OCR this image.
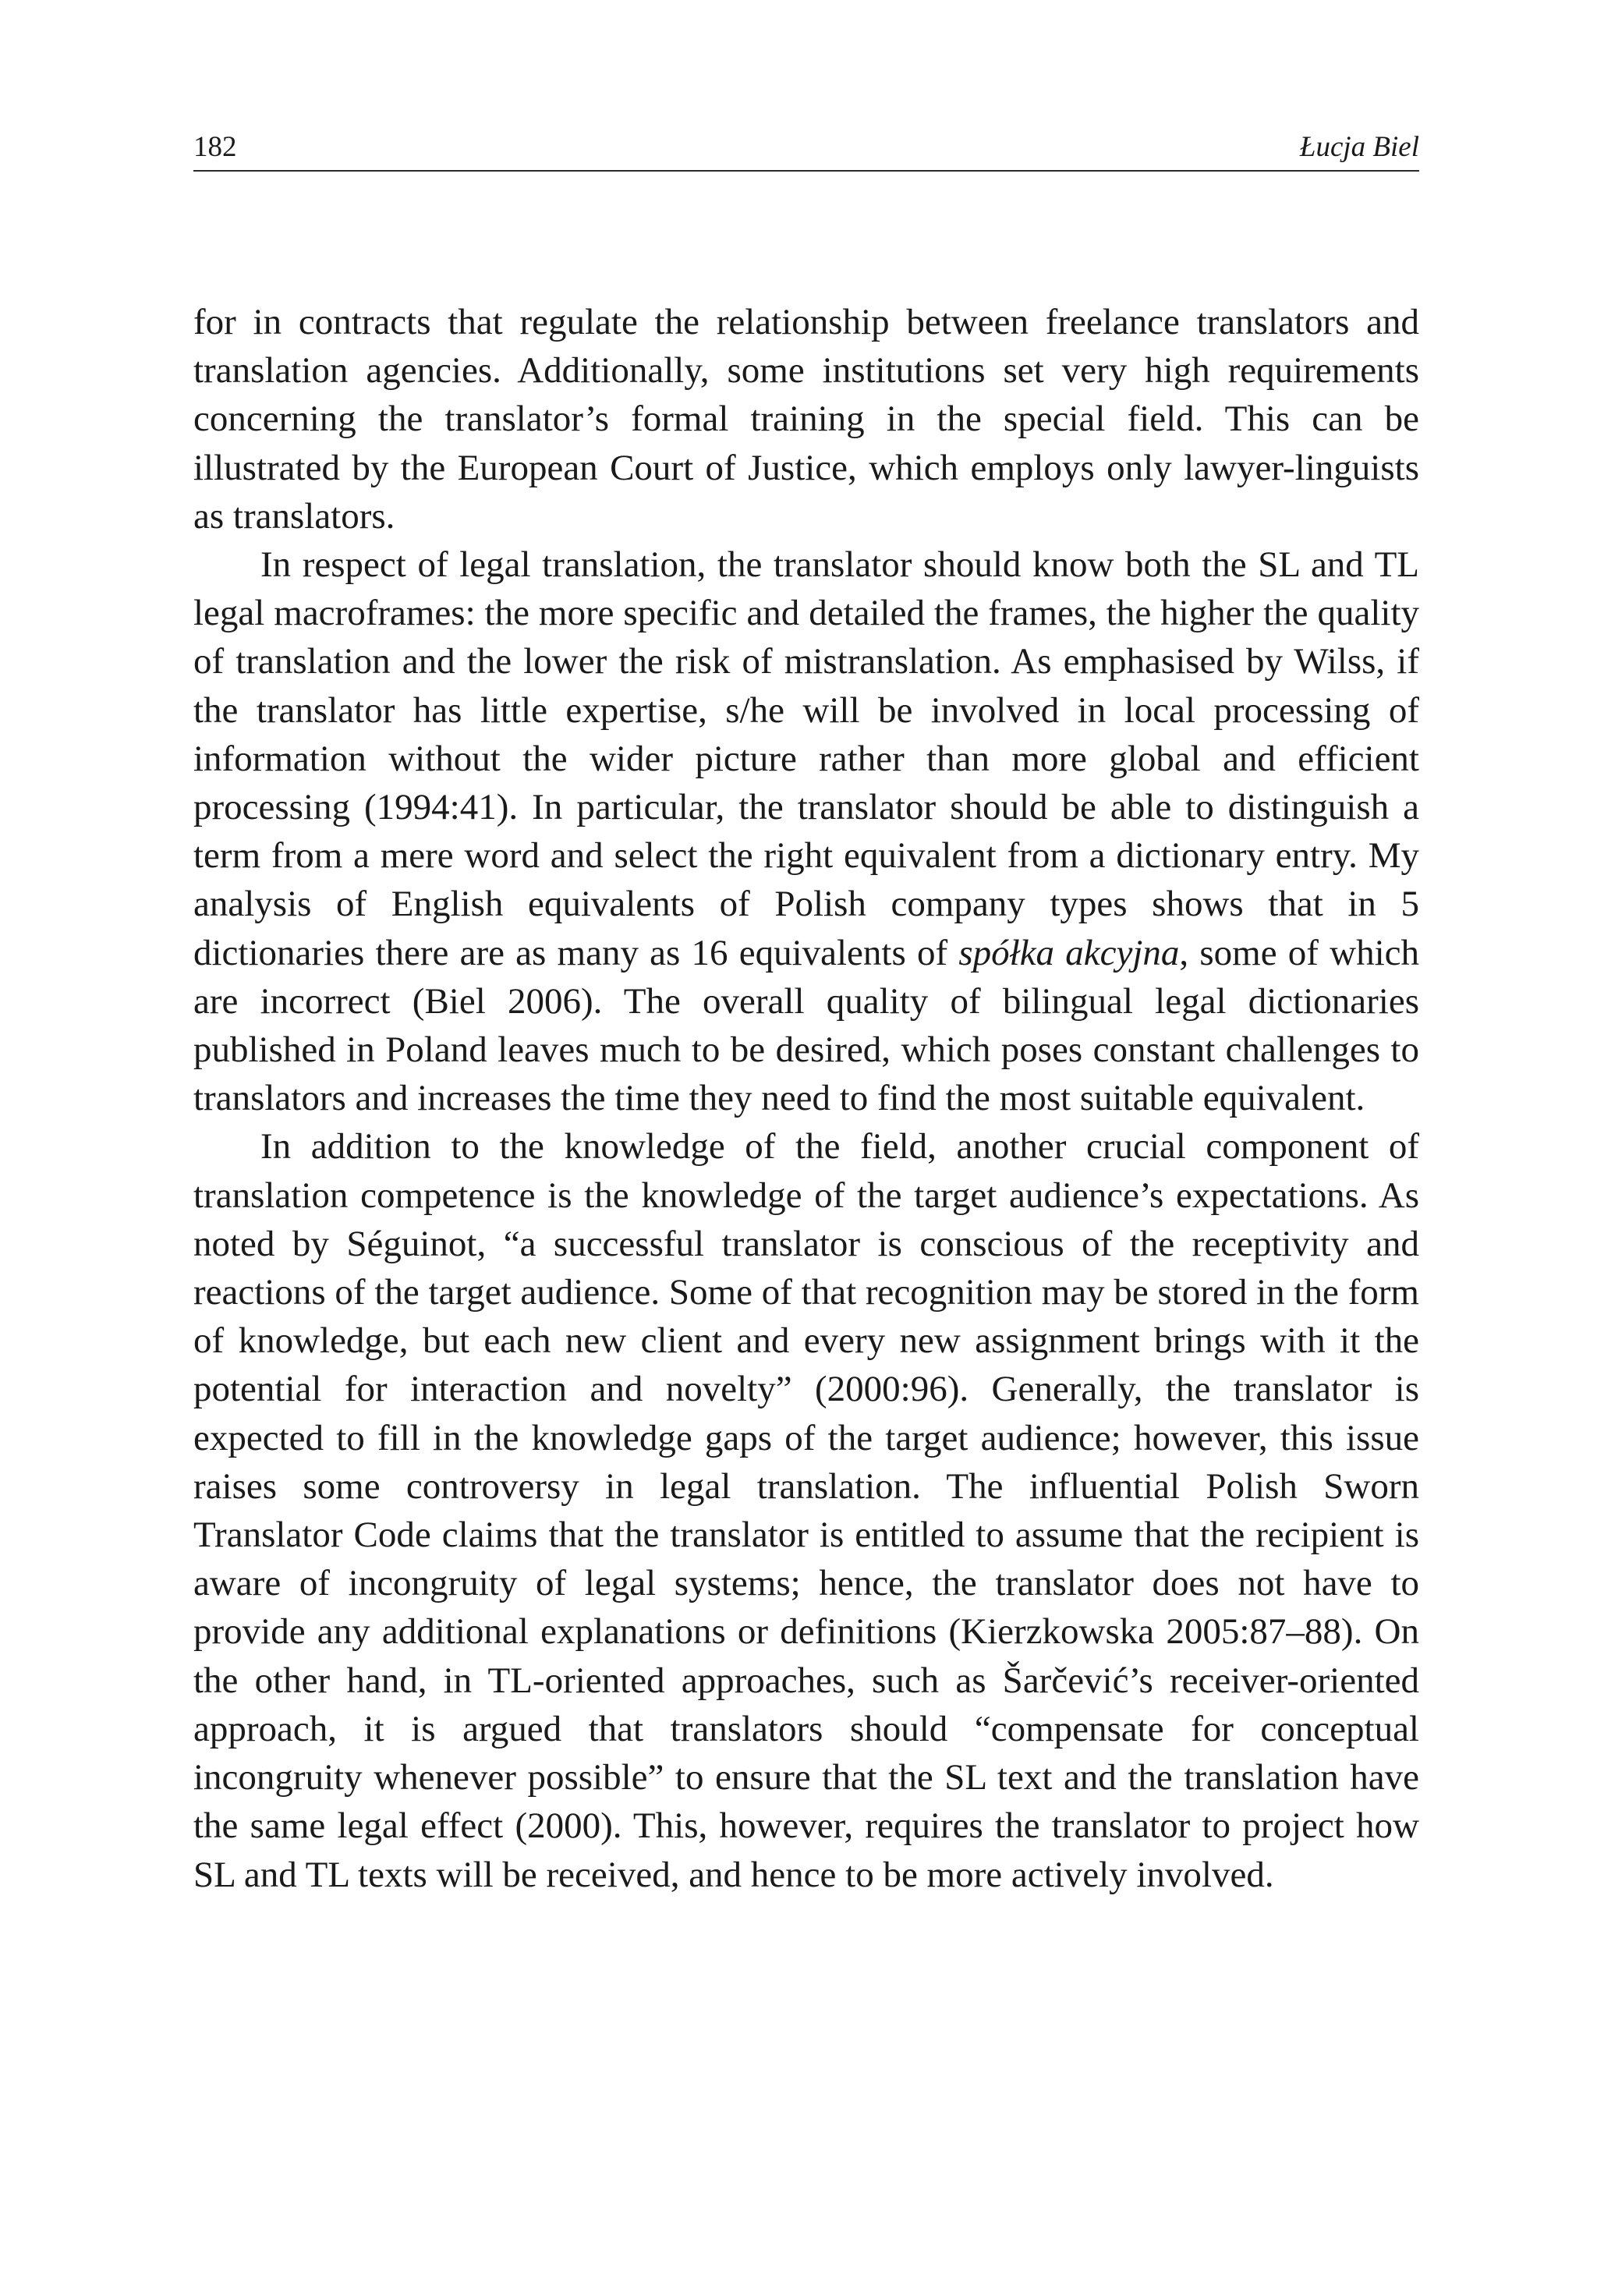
182	Łucja Biel

for in contracts that regulate the relationship between freelance translators and translation agencies. Additionally, some institutions set very high requirements concerning the translator’s formal training in the special field. This can be illustrated by the European Court of Justice, which employs only lawyer-linguists as translators.

In respect of legal translation, the translator should know both the SL and TL legal macroframes: the more specific and detailed the frames, the higher the quality of translation and the lower the risk of mistranslation. As emphasised by Wilss, if the translator has little expertise, s/he will be involved in local processing of information without the wider picture rather than more global and efficient processing (1994:41). In particular, the translator should be able to distinguish a term from a mere word and select the right equivalent from a dictionary entry. My analysis of English equivalents of Polish company types shows that in 5 dictionaries there are as many as 16 equivalents of spółka akcyjna, some of which are incorrect (Biel 2006). The overall quality of bilingual legal dictionaries published in Poland leaves much to be desired, which poses constant challenges to translators and increases the time they need to find the most suitable equivalent.

In addition to the knowledge of the field, another crucial component of translation competence is the knowledge of the target audience’s expectations. As noted by Séguinot, “a successful translator is conscious of the receptivity and reactions of the target audience. Some of that recognition may be stored in the form of knowledge, but each new client and every new assignment brings with it the potential for interaction and novelty” (2000:96). Generally, the translator is expected to fill in the knowledge gaps of the target audience; however, this issue raises some controversy in legal translation. The influential Polish Sworn Translator Code claims that the translator is entitled to assume that the recipient is aware of incongruity of legal systems; hence, the translator does not have to provide any additional explanations or definitions (Kierzkowska 2005:87–88). On the other hand, in TL-oriented approaches, such as Šarčević’s receiver-oriented approach, it is argued that translators should “compensate for conceptual incongruity whenever possible” to ensure that the SL text and the translation have the same legal effect (2000). This, however, requires the translator to project how SL and TL texts will be received, and hence to be more actively involved.
